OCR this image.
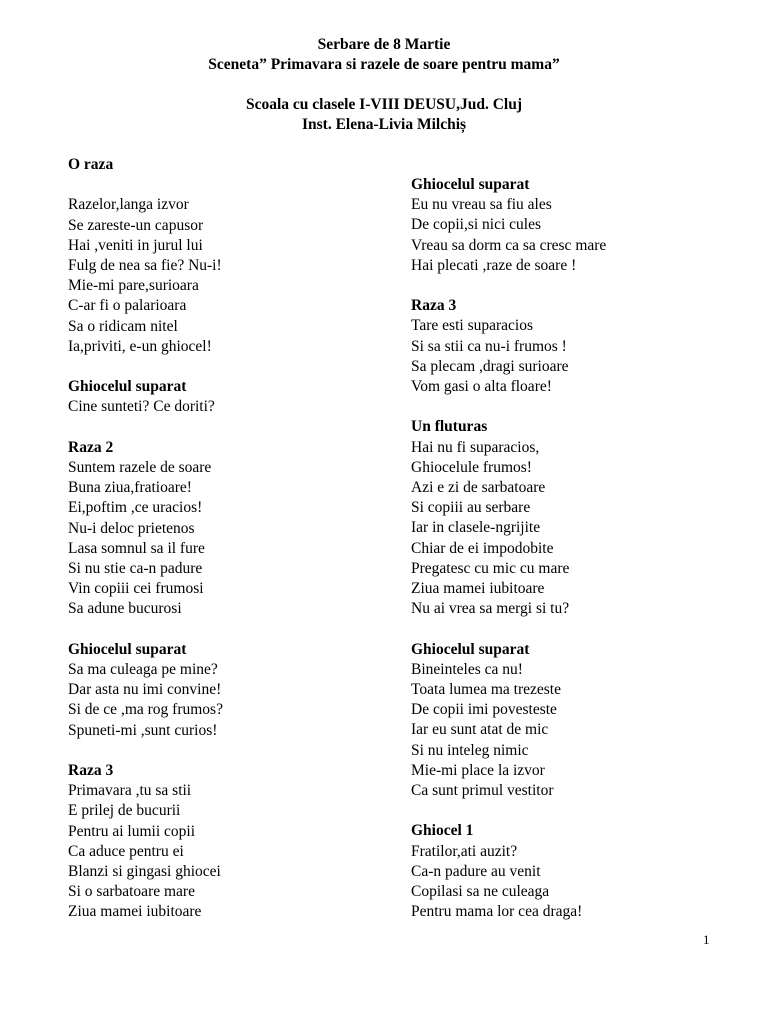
Serbare de 8 Martie
Sceneta” Primavara si razele de soare pentru mama”
Scoala cu clasele I-VIII DEUSU,Jud. Cluj
Inst. Elena-Livia Milchiș
O raza
Razelor,langa izvor
Se zareste-un capusor
Hai ,veniti in jurul lui
Fulg de nea sa fie? Nu-i!
Mie-mi pare,surioara
C-ar fi o palarioara
Sa o ridicam nitel
Ia,priviti, e-un ghiocel!
Ghiocelul suparat
Cine sunteti? Ce doriti?
Raza 2
Suntem razele de soare
Buna ziua,fratioare!
Ei,poftim ,ce uracios!
Nu-i deloc prietenos
Lasa somnul sa il fure
Si nu stie ca-n padure
Vin copiii cei frumosi
Sa adune bucurosi
Ghiocelul suparat
Sa ma culeaga pe mine?
Dar asta nu imi convine!
Si de ce ,ma rog frumos?
Spuneti-mi ,sunt curios!
Raza 3
Primavara ,tu sa stii
E prilej de bucurii
Pentru ai lumii copii
Ca aduce pentru ei
Blanzi si gingasi ghiocei
Si o sarbatoare mare
Ziua mamei iubitoare
Ghiocelul suparat
Eu nu vreau sa fiu ales
De copii,si nici cules
Vreau sa dorm ca sa cresc mare
Hai plecati ,raze de soare !
Raza 3
Tare esti suparacios
Si sa stii ca nu-i frumos !
Sa plecam ,dragi surioare
Vom gasi o alta floare!
Un fluturas
Hai nu fi suparacios,
Ghiocelule frumos!
Azi e zi de sarbatoare
Si copiii au serbare
Iar in clasele-ngrijite
Chiar de ei impodobite
Pregatesc cu mic cu mare
Ziua mamei iubitoare
Nu ai vrea sa mergi si tu?
Ghiocelul suparat
Bineinteles ca nu!
Toata lumea ma trezeste
De copii imi povesteste
Iar eu sunt atat de mic
Si nu inteleg nimic
Mie-mi place la izvor
Ca sunt primul vestitor
Ghiocel 1
Fratilor,ati auzit?
Ca-n padure au venit
Copilasi sa ne culeaga
Pentru mama lor cea draga!
1
